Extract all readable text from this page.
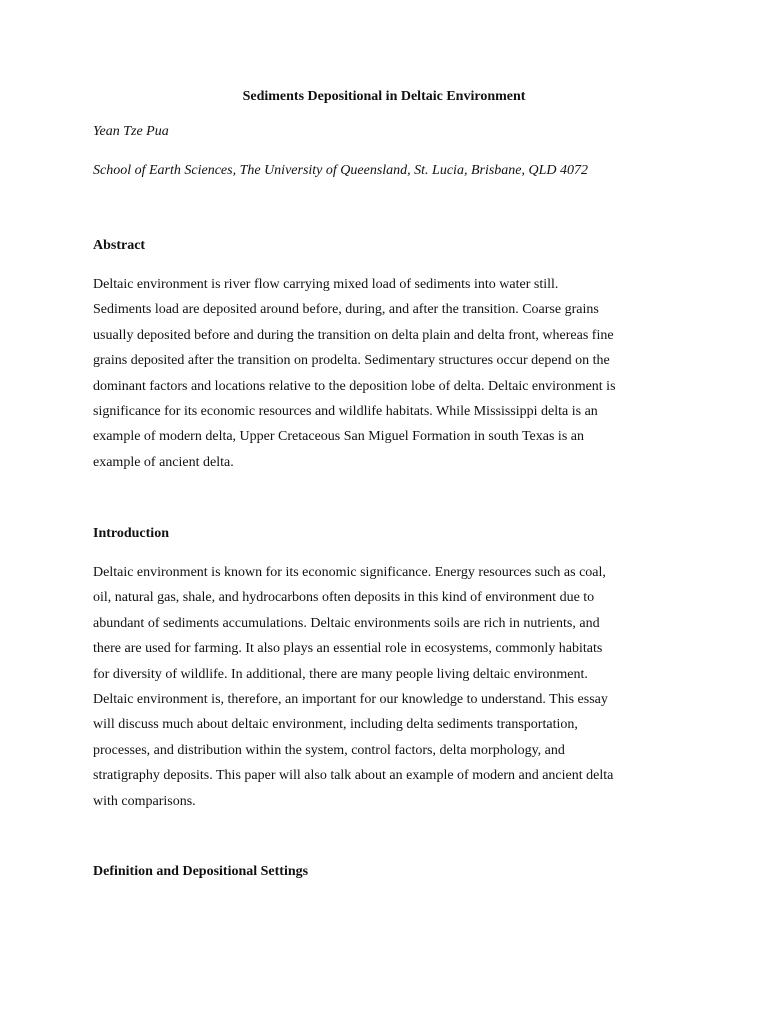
Sediments Depositional in Deltaic Environment
Yean Tze Pua
School of Earth Sciences, The University of Queensland, St. Lucia, Brisbane, QLD 4072
Abstract
Deltaic environment is river flow carrying mixed load of sediments into water still.
Sediments load are deposited around before, during, and after the transition. Coarse grains
usually deposited before and during the transition on delta plain and delta front, whereas fine
grains deposited after the transition on prodelta. Sedimentary structures occur depend on the
dominant factors and locations relative to the deposition lobe of delta. Deltaic environment is
significance for its economic resources and wildlife habitats. While Mississippi delta is an
example of modern delta, Upper Cretaceous San Miguel Formation in south Texas is an
example of ancient delta.
Introduction
Deltaic environment is known for its economic significance. Energy resources such as coal,
oil, natural gas, shale, and hydrocarbons often deposits in this kind of environment due to
abundant of sediments accumulations. Deltaic environments soils are rich in nutrients, and
there are used for farming. It also plays an essential role in ecosystems, commonly habitats
for diversity of wildlife. In additional, there are many people living deltaic environment.
Deltaic environment is, therefore, an important for our knowledge to understand. This essay
will discuss much about deltaic environment, including delta sediments transportation,
processes, and distribution within the system, control factors, delta morphology, and
stratigraphy deposits. This paper will also talk about an example of modern and ancient delta
with comparisons.
Definition and Depositional Settings
